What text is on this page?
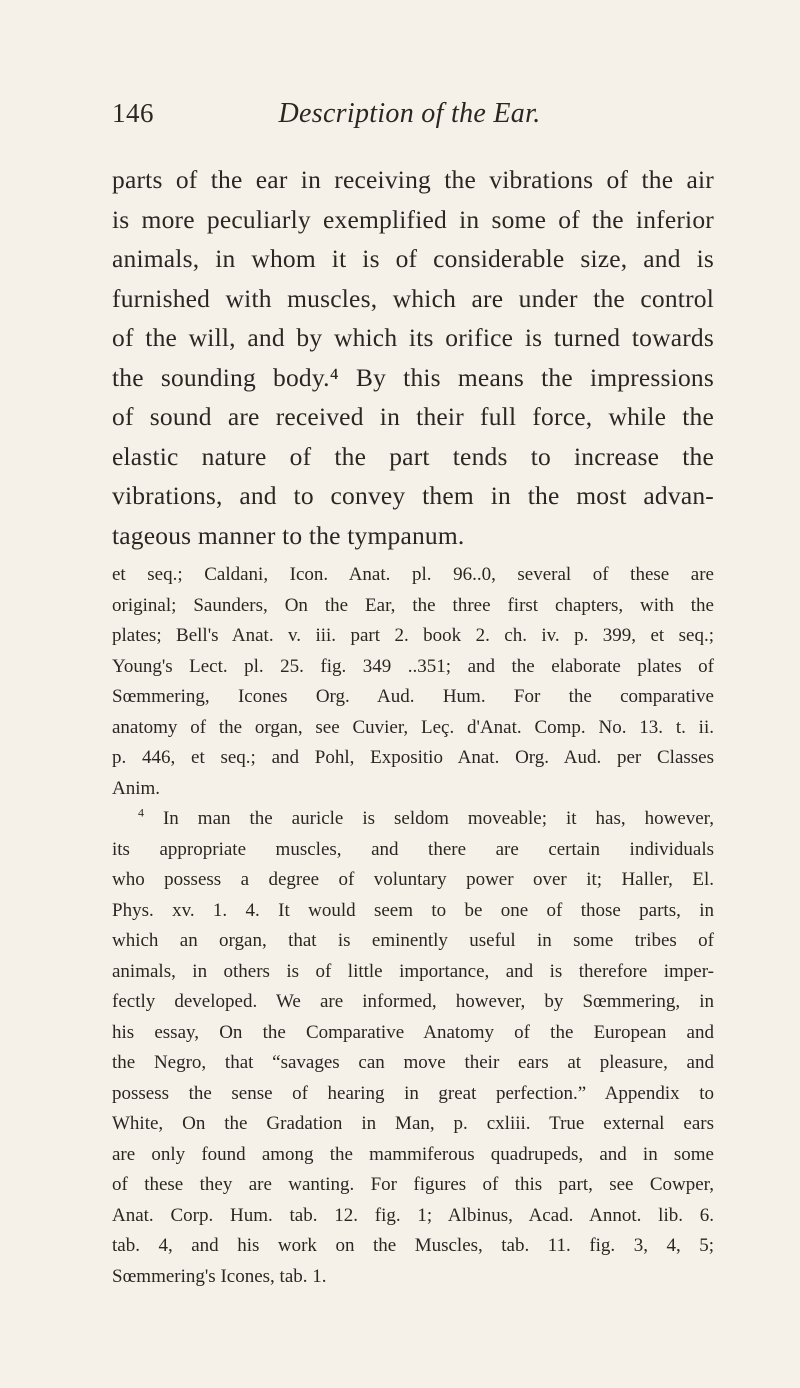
146	Description of the Ear.
parts of the ear in receiving the vibrations of the air
is more peculiarly exemplified in some of the inferior
animals, in whom it is of considerable size, and is
furnished with muscles, which are under the control
of the will, and by which its orifice is turned towards
the sounding body.⁴ By this means the impressions
of sound are received in their full force, while the
elastic nature of the part tends to increase the
vibrations, and to convey them in the most advan-
tageous manner to the tympanum.
et seq.; Caldani, Icon. Anat. pl. 96..0, several of these are
original; Saunders, On the Ear, the three first chapters, with the
plates; Bell's Anat. v. iii. part 2. book 2. ch. iv. p. 399, et seq.;
Young's Lect. pl. 25. fig. 349 ..351; and the elaborate plates of
Sœmmering, Icones Org. Aud. Hum. For the comparative
anatomy of the organ, see Cuvier, Leç. d'Anat. Comp. No. 13. t. ii.
p. 446, et seq.; and Pohl, Expositio Anat. Org. Aud. per Classes
Anim.
$^4$ In man the auricle is seldom moveable; it has, however,
its appropriate muscles, and there are certain individuals
who possess a degree of voluntary power over it; Haller, El.
Phys. xv. 1. 4. It would seem to be one of those parts, in
which an organ, that is eminently useful in some tribes of
animals, in others is of little importance, and is therefore imper-
fectly developed. We are informed, however, by Sœmmering, in
his essay, On the Comparative Anatomy of the European and
the Negro, that “savages can move their ears at pleasure, and
possess the sense of hearing in great perfection.” Appendix to
White, On the Gradation in Man, p. cxliii. True external ears
are only found among the mammiferous quadrupeds, and in some
of these they are wanting. For figures of this part, see Cowper,
Anat. Corp. Hum. tab. 12. fig. 1; Albinus, Acad. Annot. lib. 6.
tab. 4, and his work on the Muscles, tab. 11. fig. 3, 4, 5;
Sœmmering's Icones, tab. 1.
